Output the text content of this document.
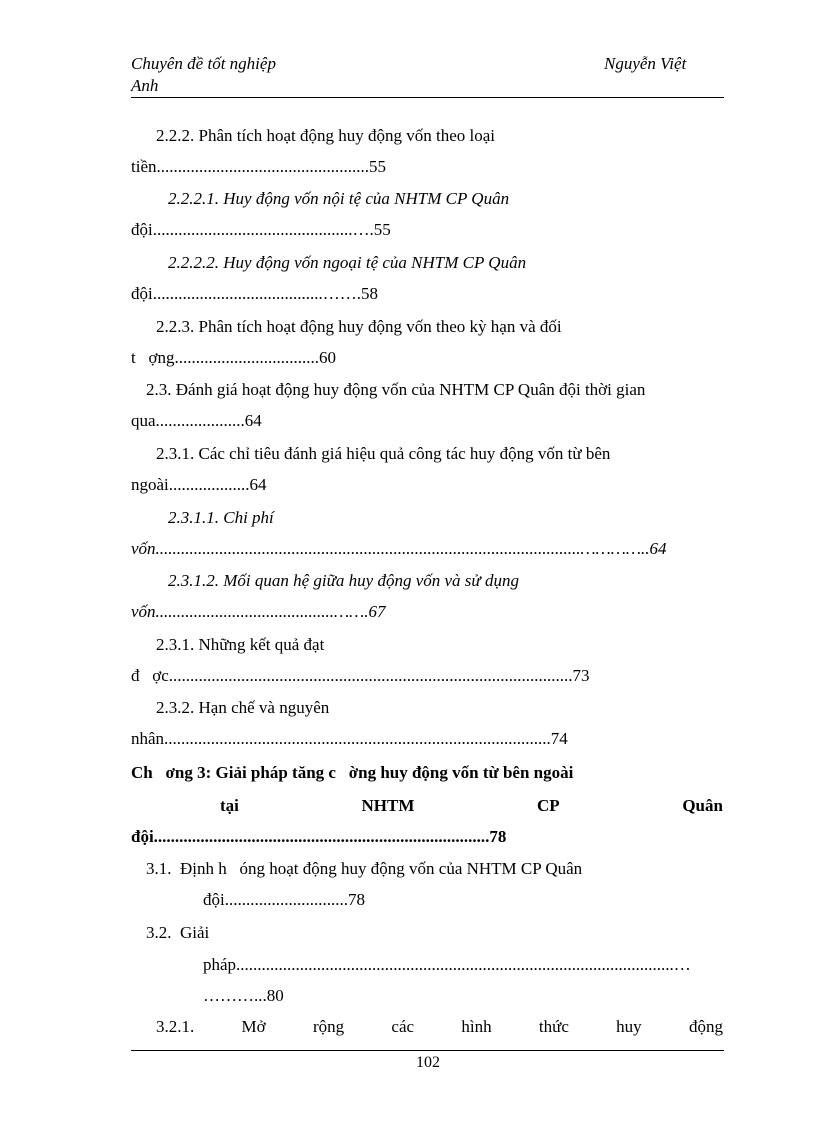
Chuyên đề tốt nghiệp
Anh
Nguyễn Việt
2.2.2. Phân tích hoạt động huy động vốn theo loại
tiền..................................................55
2.2.2.1. Huy động vốn nội tệ của NHTM CP Quân
đội...............................................….55
2.2.2.2. Huy động vốn ngoại tệ của NHTM CP Quân
đội........................................…….58
2.2.3. Phân tích hoạt động huy động vốn theo kỳ hạn và đối
t   ợng..................................60
2.3. Đánh giá hoạt động huy động vốn của NHTM CP Quân đội thời gian
qua.....................64
2.3.1. Các chỉ tiêu đánh giá hiệu quả công tác huy động vốn từ bên
ngoài...................64
2.3.1.1. Chi phí
vốn....................................................................................................…………..64
2.3.1.2. Mối quan hệ giữa huy động vốn và sử dụng
vốn..........................................…….67
2.3.1. Những kết quả đạt
đ   ợc...............................................................................................73
2.3.2. Hạn chế và nguyên
nhân...........................................................................................74
Ch   ơng 3: Giải pháp tăng c   ờng huy động vốn từ bên ngoài
tại	NHTM	CP	Quân
đội...............................................................................78
3.1.  Định h   óng hoạt động huy động vốn của NHTM CP Quân
đội.............................78
3.2.  Giải
pháp.......................................................................................................…
………...80
3.2.1.	Mở	rộng	các	hình	thức	huy	động
102
